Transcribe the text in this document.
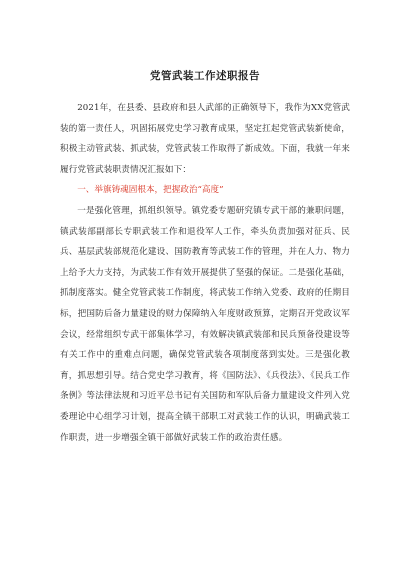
党管武装工作述职报告

2021年，在县委、县政府和县人武部的正确领导下，我作为XX党管武装的第一责任人，巩固拓展党史学习教育成果，坚定扛起党管武装新使命，积极主动管武装、抓武装，党管武装工作取得了新成效。下面，我就一年来履行党管武装职责情况汇报如下：

一、举旗铸魂固根本，把握政治“高度”

一是强化管理，抓组织领导。镇党委专题研究镇专武干部的兼职问题，镇武装部副部长专职武装工作和退役军人工作，牵头负责加强对征兵、民兵、基层武装部规范化建设、国防教育等武装工作的管理，并在人力、物力上给予大力支持，为武装工作有效开展提供了坚强的保证。二是强化基础，抓制度落实。健全党管武装工作制度，将武装工作纳入党委、政府的任期目标，把国防后备力量建设的财力保障纳入年度财政预算，定期召开党政议军会议，经常组织专武干部集体学习，有效解决镇武装部和民兵预备役建设等有关工作中的重难点问题，确保党管武装各项制度落到实处。三是强化教育，抓思想引导。结合党史学习教育，将《国防法》、《兵役法》、《民兵工作条例》等法律法规和习近平总书记有关国防和军队后备力量建设文件列入党委理论中心组学习计划，提高全镇干部职工对武装工作的认识，明确武装工作职责，进一步增强全镇干部做好武装工作的政治责任感。
